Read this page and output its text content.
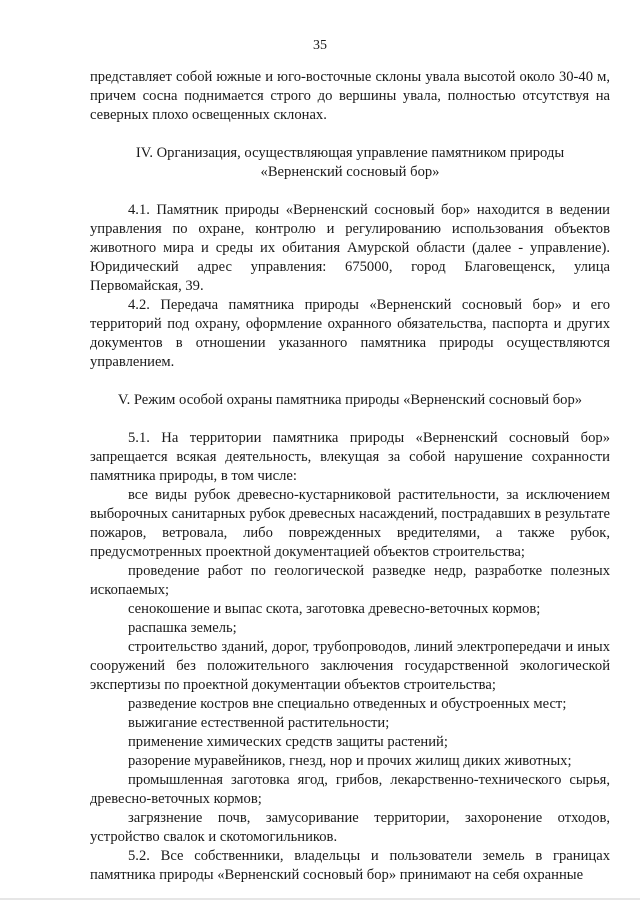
35

представляет собой южные и юго-восточные склоны увала высотой около 30-40 м, причем сосна поднимается строго до вершины увала, полностью отсутствуя на северных плохо освещенных склонах.

IV. Организация, осуществляющая управление памятником природы

«Верненский сосновый бор»

4.1. Памятник природы «Верненский сосновый бор» находится в ведении управления по охране, контролю и регулированию использования объектов животного мира и среды их обитания Амурской области (далее - управление). Юридический адрес управления: 675000, город Благовещенск, улица Первомайская, 39.

4.2. Передача памятника природы «Верненский сосновый бор» и его территорий под охрану, оформление охранного обязательства, паспорта и других документов в отношении указанного памятника природы осуществляются управлением.

V. Режим особой охраны памятника природы «Верненский сосновый бор»

5.1. На территории памятника природы «Верненский сосновый бор» запрещается всякая деятельность, влекущая за собой нарушение сохранности памятника природы, в том числе:

все виды рубок древесно-кустарниковой растительности, за исключением выборочных санитарных рубок древесных насаждений, пострадавших в результате пожаров, ветровала, либо поврежденных вредителями, а также рубок, предусмотренных проектной документацией объектов строительства;

проведение работ по геологической разведке недр, разработке полезных ископаемых;

сенокошение и выпас скота, заготовка древесно-веточных кормов;

распашка земель;

строительство зданий, дорог, трубопроводов, линий электропередачи и иных сооружений без положительного заключения государственной экологической экспертизы по проектной документации объектов строительства;

разведение костров вне специально отведенных и обустроенных мест;

выжигание естественной растительности;

применение химических средств защиты растений;

разорение муравейников, гнезд, нор и прочих жилищ диких животных;

промышленная заготовка ягод, грибов, лекарственно-технического сырья, древесно-веточных кормов;

загрязнение почв, замусоривание территории, захоронение отходов, устройство свалок и скотомогильников.

5.2. Все собственники, владельцы и пользователи земель в границах памятника природы «Верненский сосновый бор» принимают на себя охранные
